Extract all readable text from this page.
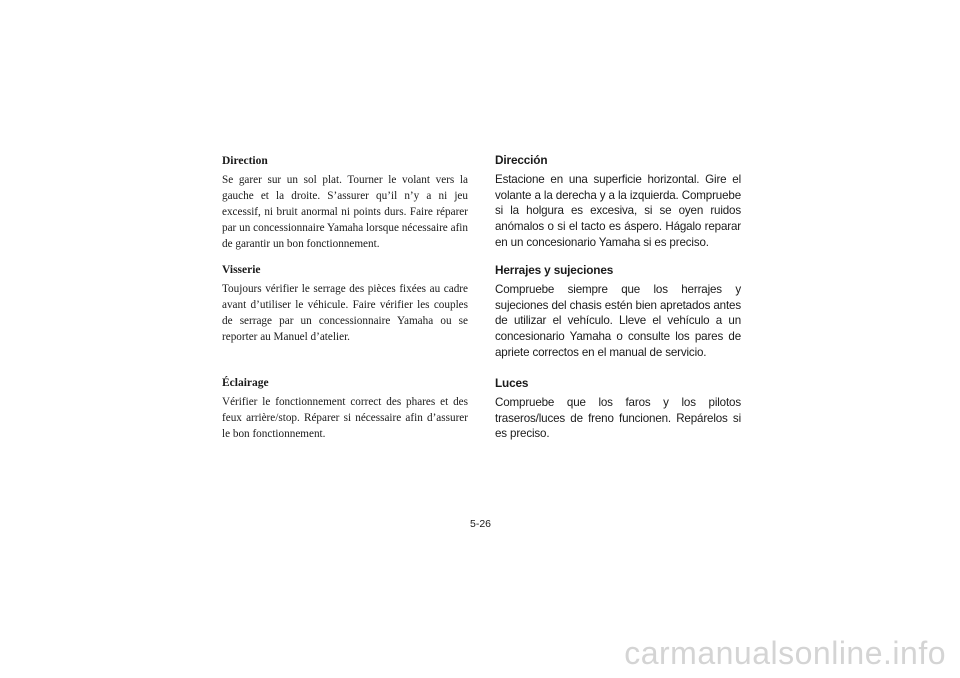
Direction

Se garer sur un sol plat. Tourner le volant vers la gauche et la droite. S’assurer qu’il n’y a ni jeu excessif, ni bruit anormal ni points durs. Faire réparer par un concessionnaire Yamaha lorsque nécessaire afin de garantir un bon fonctionnement.

Visserie

Toujours vérifier le serrage des pièces fixées au cadre avant d’utiliser le véhicule. Faire vérifier les couples de serrage par un concessionnaire Yamaha ou se reporter au Manuel d’atelier.

Éclairage

Vérifier le fonctionnement correct des phares et des feux arrière/stop. Réparer si nécessaire afin d’assurer le bon fonctionnement.

Dirección

Estacione en una superficie horizontal. Gire el volante a la derecha y a la izquierda. Compruebe si la holgura es excesiva, si se oyen ruidos anómalos o si el tacto es áspero. Hágalo reparar en un concesionario Yamaha si es preciso.

Herrajes y sujeciones

Compruebe siempre que los herrajes y sujeciones del chasis estén bien apretados antes de utilizar el vehículo. Lleve el vehículo a un concesionario Yamaha o consulte los pares de apriete correctos en el manual de servicio.

Luces

Compruebe que los faros y los pilotos traseros/luces de freno funcionen. Repárelos si es preciso.

5-26
carmanualsonline.info
